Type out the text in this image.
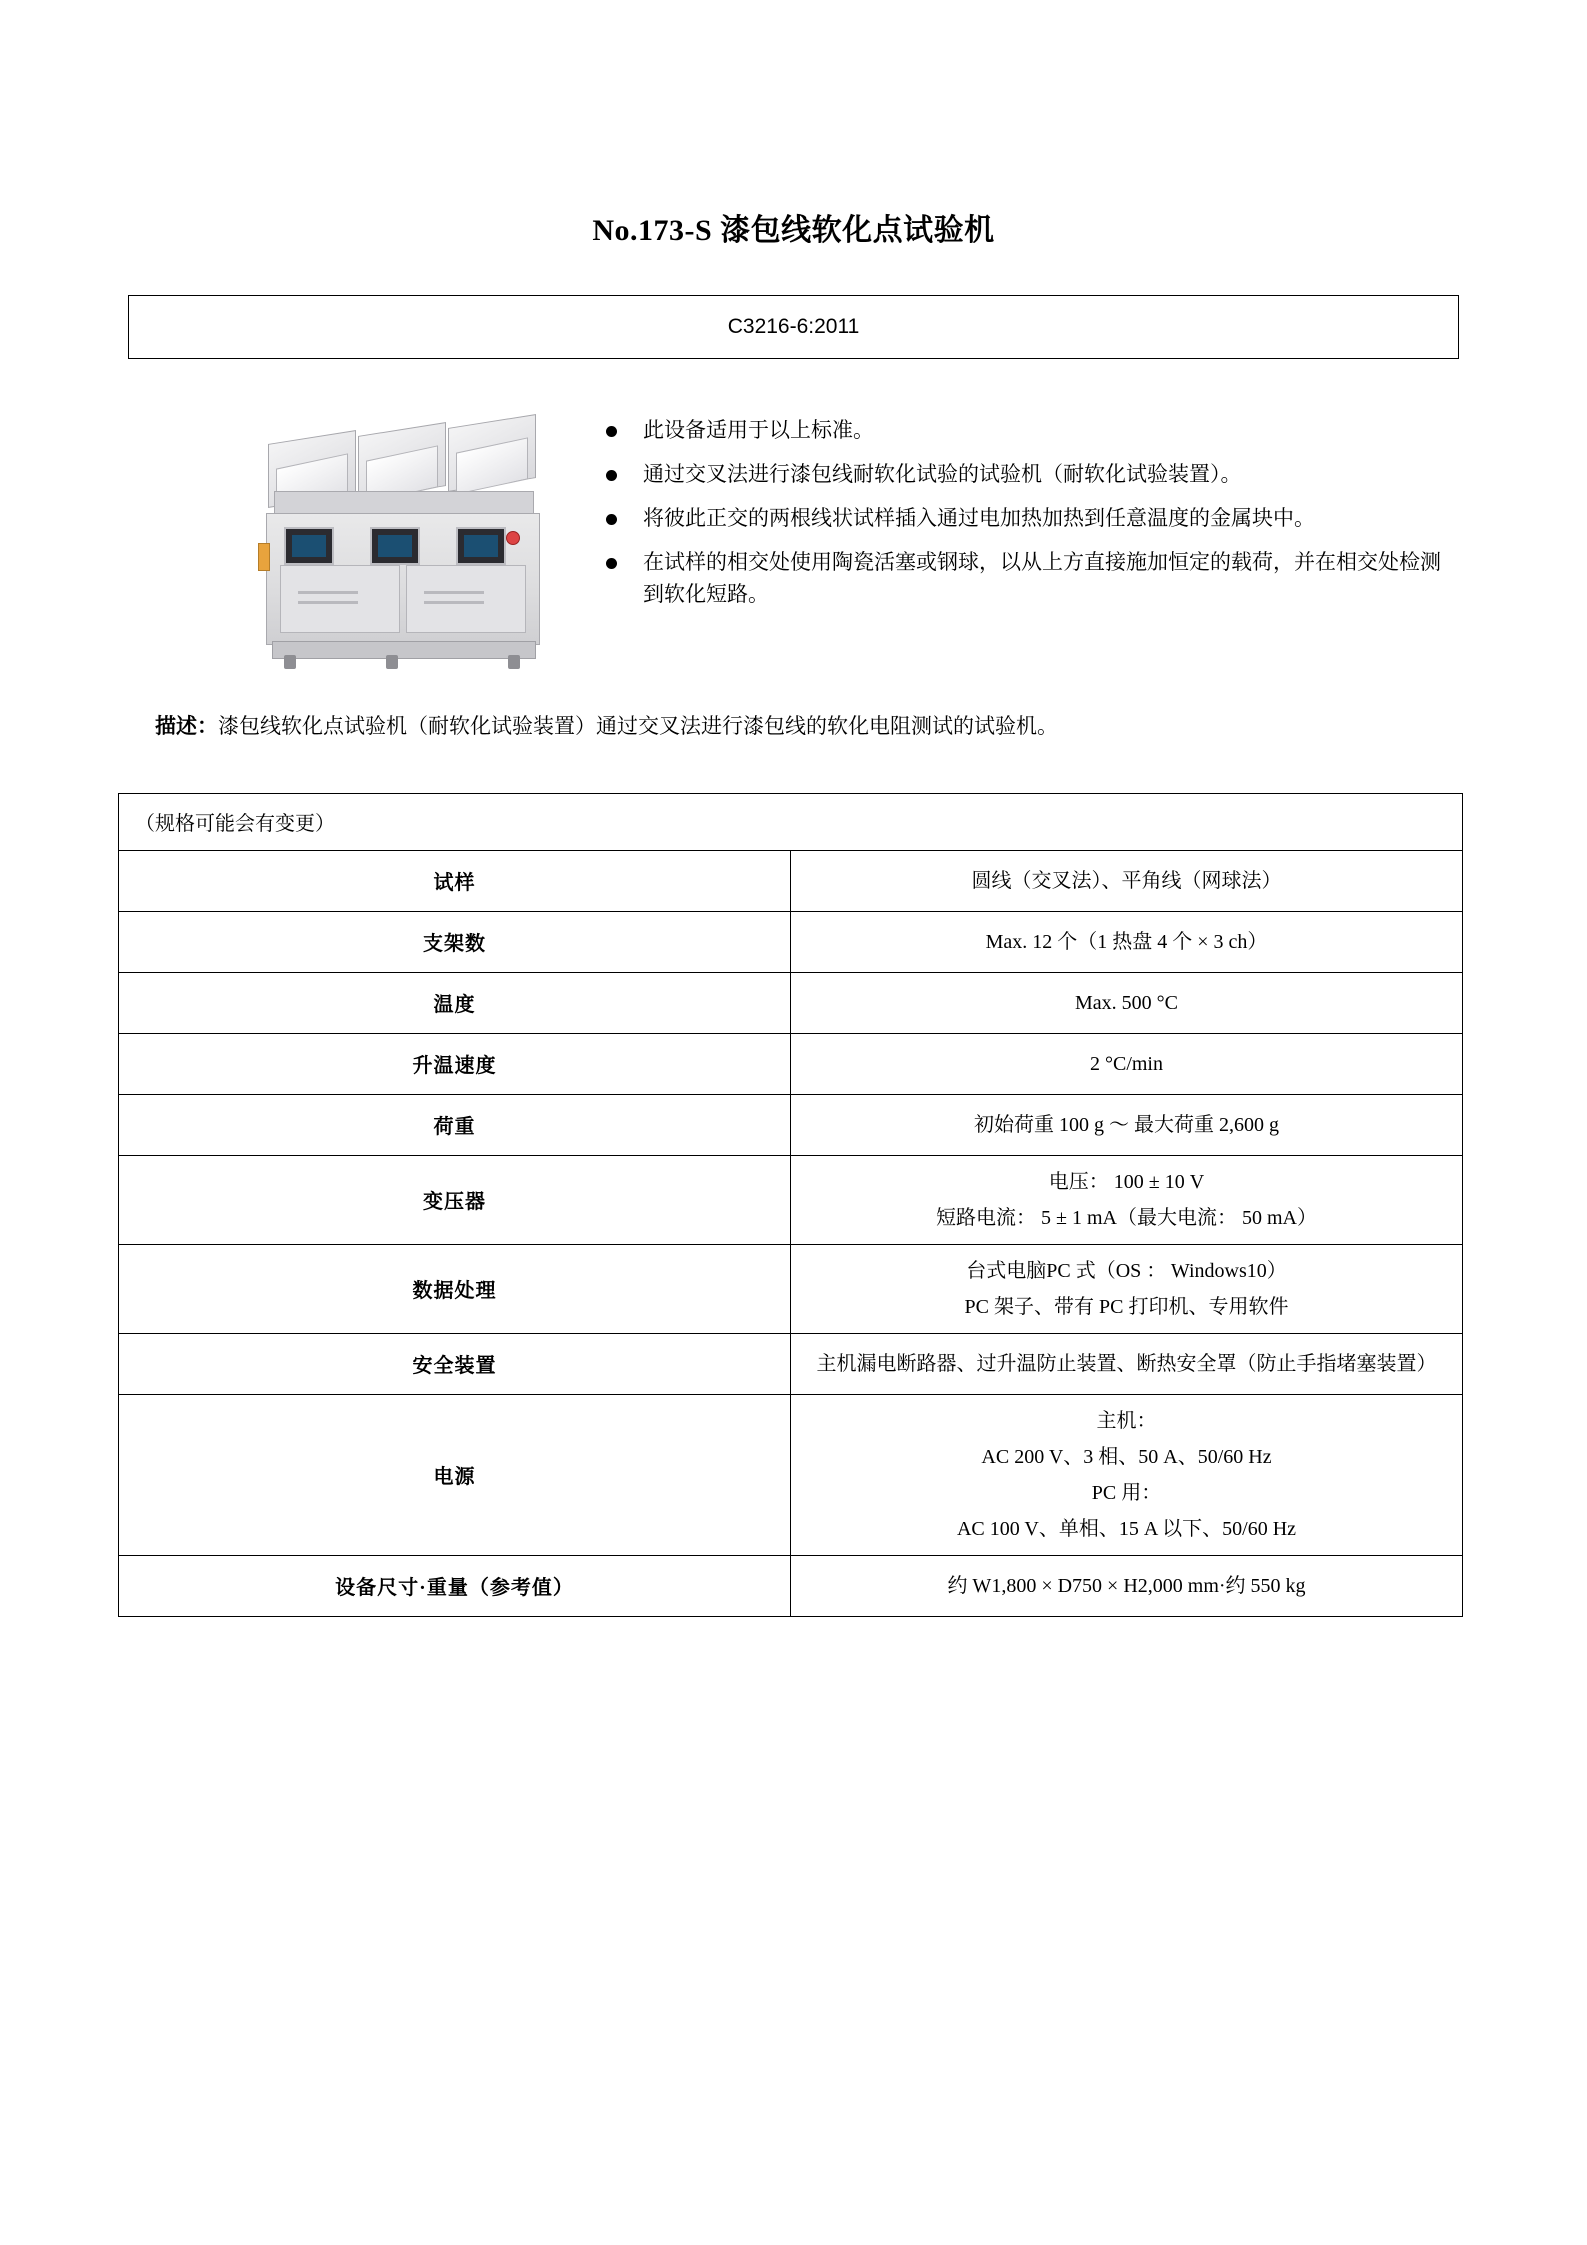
No.173-S 漆包线软化点试验机
C3216-6:2011
此设备适用于以上标准。
通过交叉法进行漆包线耐软化试验的试验机（耐软化试验装置）。
将彼此正交的两根线状试样插入通过电加热加热到任意温度的金属块中。
在试样的相交处使用陶瓷活塞或钢球，以从上方直接施加恒定的载荷，并在相交处检测到软化短路。
描述：漆包线软化点试验机（耐软化试验装置）通过交叉法进行漆包线的软化电阻测试的试验机。
（规格可能会有变更）	
试样	圆线（交叉法）、平角线（网球法）

支架数	Max. 12 个（1 热盘 4 个 × 3 ch）

温度	Max. 500 °C

升温速度	2 °C/min

荷重	初始荷重 100 g ～ 最大荷重 2,600 g

变压器	电压： 100 ± 10 V
短路电流： 5 ± 1 mA（最大电流： 50 mA）

数据处理	台式电脑PC 式（OS ： Windows10）
PC 架子、带有 PC 打印机、专用软件

安全装置	主机漏电断路器、过升温防止装置、断热安全罩（防止手指堵塞装置）

电源	主机：
AC 200 V、3 相、50 A、50/60 Hz
PC 用：
AC 100 V、单相、15 A 以下、50/60 Hz

设备尺寸·重量（参考值）	约 W1,800 × D750 × H2,000 mm·约 550 kg
